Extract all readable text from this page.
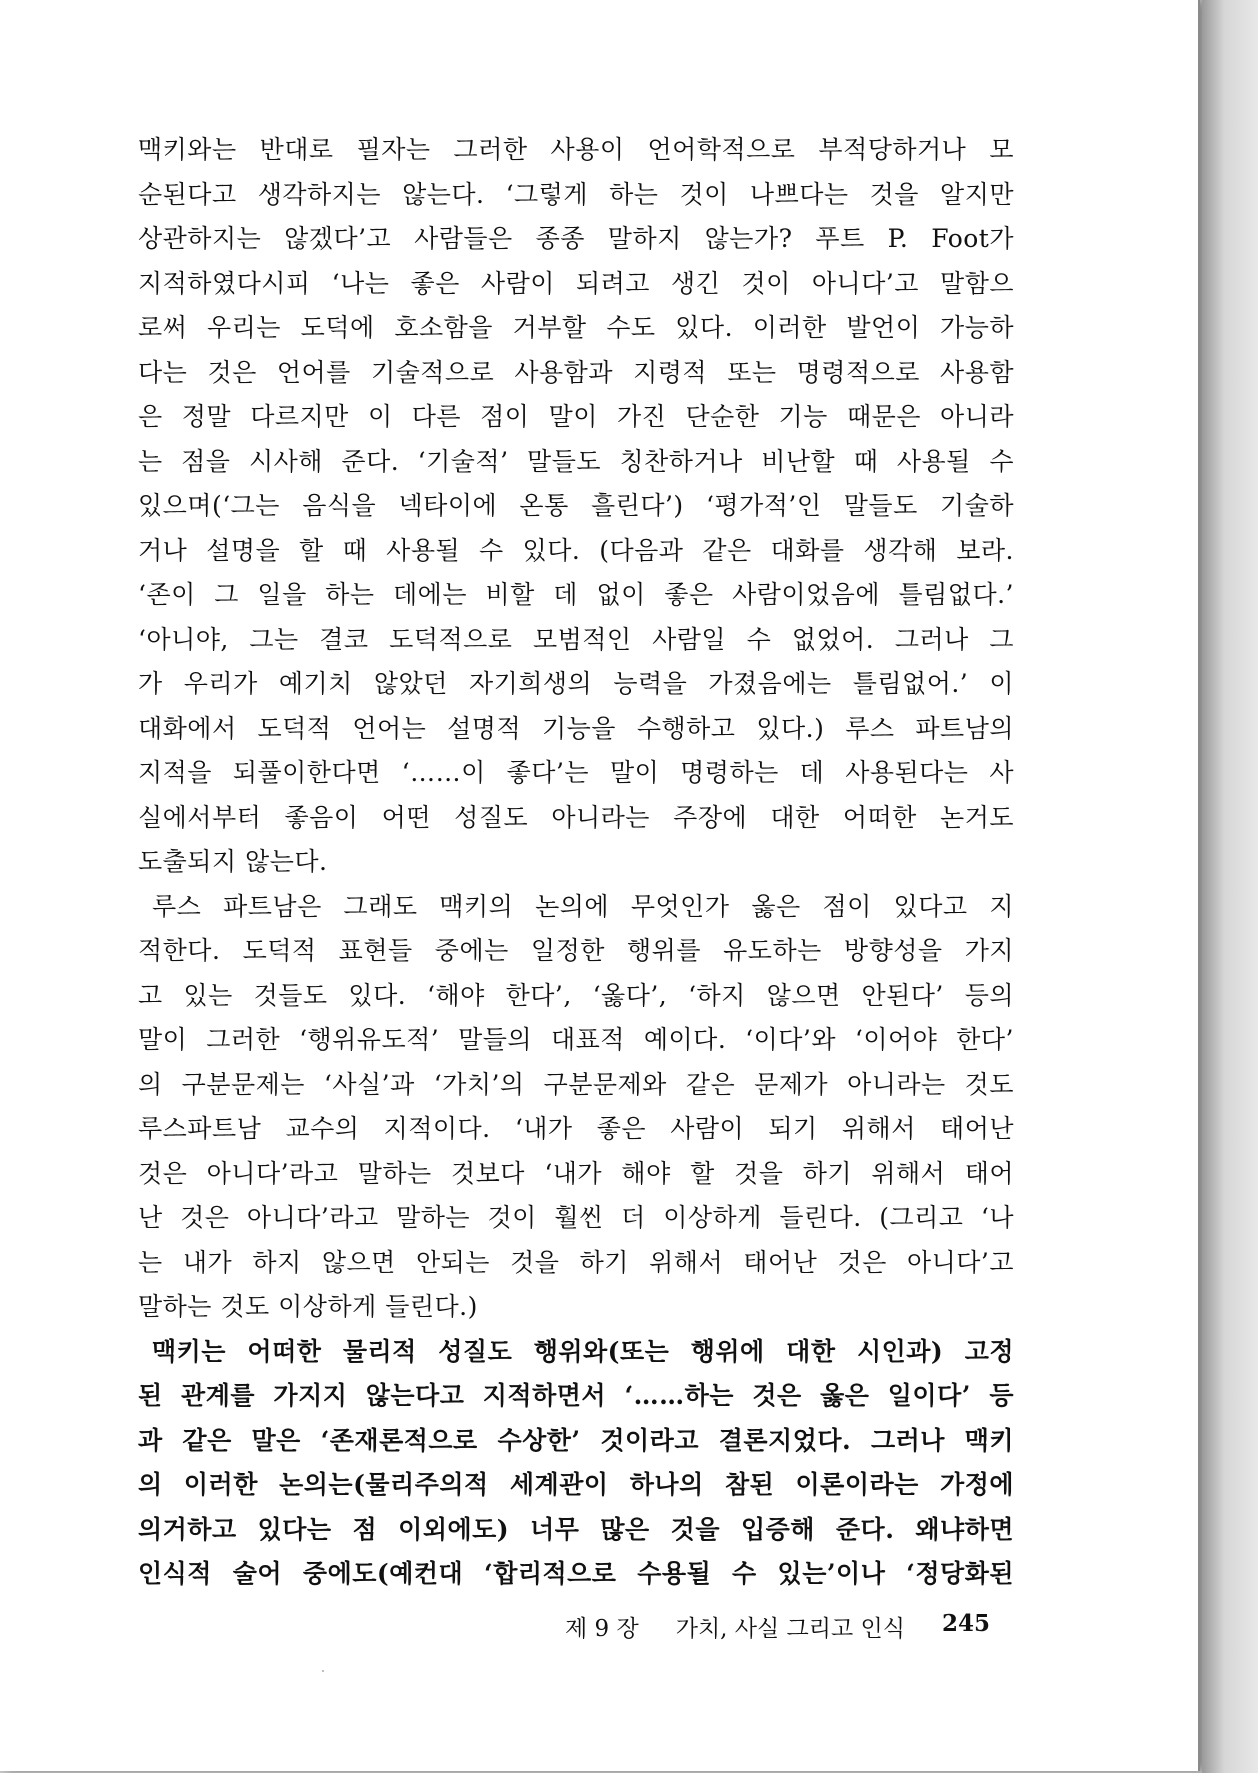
맥키와는 반대로 필자는 그러한 사용이 언어학적으로 부적당하거나 모
순된다고 생각하지는 않는다. ‘그렇게 하는 것이 나쁘다는 것을 알지만
상관하지는 않겠다’고 사람들은 종종 말하지 않는가? 푸트 P. Foot가
지적하였다시피 ‘나는 좋은 사람이 되려고 생긴 것이 아니다’고 말함으
로써 우리는 도덕에 호소함을 거부할 수도 있다. 이러한 발언이 가능하
다는 것은 언어를 기술적으로 사용함과 지령적 또는 명령적으로 사용함
은 정말 다르지만 이 다른 점이 말이 가진 단순한 기능 때문은 아니라
는 점을 시사해 준다. ‘기술적’ 말들도 칭찬하거나 비난할 때 사용될 수
있으며(‘그는 음식을 넥타이에 온통 흘린다’) ‘평가적’인 말들도 기술하
거나 설명을 할 때 사용될 수 있다. (다음과 같은 대화를 생각해 보라.
‘존이 그 일을 하는 데에는 비할 데 없이 좋은 사람이었음에 틀림없다.’
‘아니야, 그는 결코 도덕적으로 모범적인 사람일 수 없었어. 그러나 그
가 우리가 예기치 않았던 자기희생의 능력을 가졌음에는 틀림없어.’ 이
대화에서 도덕적 언어는 설명적 기능을 수행하고 있다.) 루스 파트남의
지적을 되풀이한다면 ‘……이 좋다’는 말이 명령하는 데 사용된다는 사
실에서부터 좋음이 어떤 성질도 아니라는 주장에 대한 어떠한 논거도
도출되지 않는다.
루스 파트남은 그래도 맥키의 논의에 무엇인가 옳은 점이 있다고 지
적한다. 도덕적 표현들 중에는 일정한 행위를 유도하는 방향성을 가지
고 있는 것들도 있다. ‘해야 한다’, ‘옳다’, ‘하지 않으면 안된다’ 등의
말이 그러한 ‘행위유도적’ 말들의 대표적 예이다. ‘이다’와 ‘이어야 한다’
의 구분문제는 ‘사실’과 ‘가치’의 구분문제와 같은 문제가 아니라는 것도
루스파트남 교수의 지적이다. ‘내가 좋은 사람이 되기 위해서 태어난
것은 아니다’라고 말하는 것보다 ‘내가 해야 할 것을 하기 위해서 태어
난 것은 아니다’라고 말하는 것이 훨씬 더 이상하게 들린다. (그리고 ‘나
는 내가 하지 않으면 안되는 것을 하기 위해서 태어난 것은 아니다’고
말하는 것도 이상하게 들린다.)
맥키는 어떠한 물리적 성질도 행위와(또는 행위에 대한 시인과) 고정
된 관계를 가지지 않는다고 지적하면서 ‘……하는 것은 옳은 일이다’ 등
과 같은 말은 ‘존재론적으로 수상한’ 것이라고 결론지었다. 그러나 맥키
의 이러한 논의는(물리주의적 세계관이 하나의 참된 이론이라는 가정에
의거하고 있다는 점 이외에도) 너무 많은 것을 입증해 준다. 왜냐하면
인식적 술어 중에도(예컨대 ‘합리적으로 수용될 수 있는’이나 ‘정당화된
제 9 장 가치, 사실 그리고 인식 245
